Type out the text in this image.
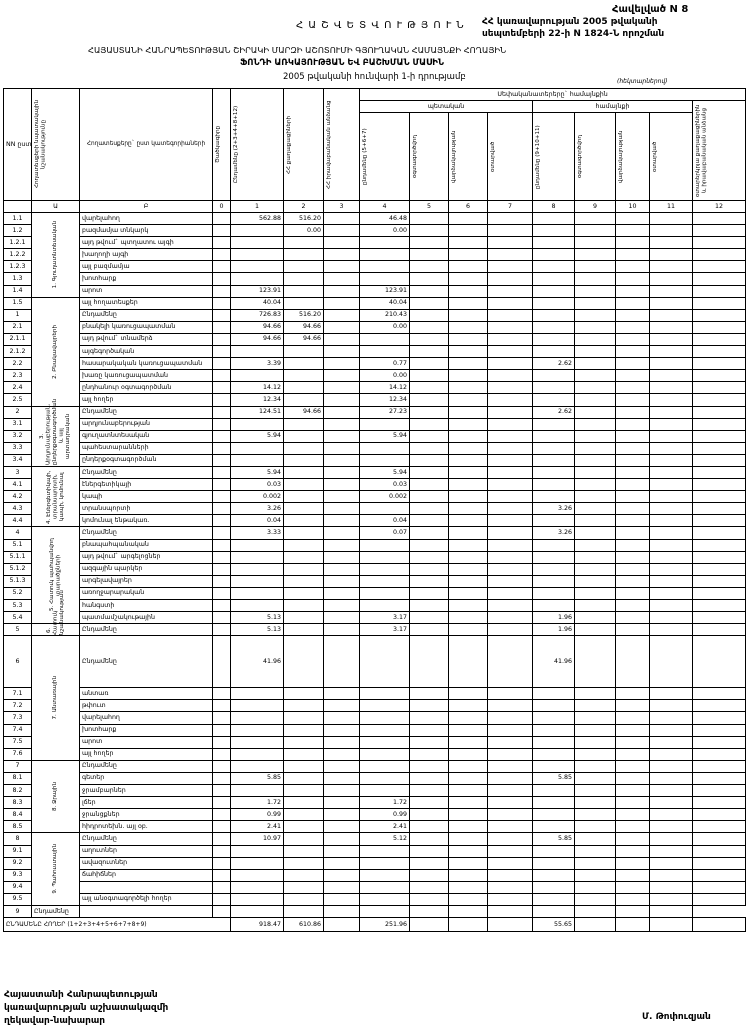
Հավելված N 8
ՀՀ կառավարության 2005 թվականի
սեպտեմբերի 22-ի N 1824-Ն որոշման
Հ Ա Շ Վ Ե Տ Վ Ո Ւ Թ Յ Ո Ւ Ն
ՀԱՅԱՍՏԱՆԻ ՀԱՆՐԱՊԵՏՈՒԹՅԱՆ ՇԻՐԱԿԻ ՄԱՐԶԻ ԱՇՈՏՈՒՄԻ ԳՅՈՒՂԱԿԱՆ ՀԱՄԱՅՆՔԻ ՀՈՂԱՅԻՆ
ՖՈՆԴԻ ԱՌԿԱՅՈՒԹՅԱՆ ԵՎ ԲԱՇԽՄԱՆ ՄԱՍԻՆ
2005 թվականի հունվարի 1-ի դրությամբ	(հեկտարներով)
NN ըստ	Հողատեսքերի նպատակային նշանակությունը	Հողատեսքերը` ըստ կատեգորիաների	Ծածկագիրը	Ընդամենը (2+3+4+8+12)	ՀՀ քաղաքացիների	ՀՀ իրավաբանական անձանց	Սեփականատերերը` համայնքին								
							պետական				համայնքի				օտարերկրյա քաղաքացիներին և իրավաբանական անձանց

							ընդամենը (5+6+7)	օգտագործվող	վարձակալության	օտարված	ընդամենը (9+10+11)	օգտագործվող	վարձակալության	օտարված	

	Ա	Բ	0	1	2	3	4	5	6	7	8	9	10	11	12
1.1	1. Գյուղատնտեսական	վարելահող		562.88	516.20		46.48								
1.2		բազմամյա տնկարկ			0.00		0.00								
1.2.1		այդ թվում` պտղատու այգի													
1.2.2		խաղողի այգի													
1.2.3		այլ բազմամյա													
1.3		խոտհարք													
1.4		արոտ		123.91			123.91								
1.5	2. Բնակավայրերի	այլ հողատեսքեր		40.04			40.04								
1		Ընդամենը		726.83	516.20		210.43								
2.1		բնակելի կառուցապատման		94.66	94.66		0.00								
2.1.1		այդ թվում` տնամերձ		94.66	94.66										
2.1.2		այգեգործական													
2.2		հասարակական կառուցապատման		3.39			0.77				2.62				
2.3		խառը կառուցապատման					0.00								
2.4		ընդհանուր օգտագործման		14.12			14.12								
2.5		այլ հողեր		12.34			12.34								
2	3. Արդյունաբերության, ընդերքօգտագործման և այլ արտադրական	Ընդամենը		124.51	94.66		27.23				2.62				
3.1		արդյունաբերության													
3.2		գյուղատնտեսական		5.94			5.94								
3.3		պահեստարանների													
3.4		ընդերքօգտագործման													
3	4. Էներգետիկայի, տրանսպորտի, կապի, կոմունալ	Ընդամենը		5.94			5.94								
4.1		էներգետիկայի		0.03			0.03								
4.2		կապի		0.002			0.002								
4.3		տրանսպորտի		3.26							3.26				
4.4		կոմունալ ենթակառ.		0.04			0.04								
4	5. Հատուկ պահպանվող տարածքների	Ընդամենը		3.33			0.07				3.26				
5.1		բնապահպանական													
5.1.1		այդ թվում` արգելոցներ													
5.1.2		ազգային պարկեր													
5.1.3		արգելավայրեր													
5.2		առողջարարական													
5.3		հանգստի													
5.4		պատմամշակութային		5.13			3.17				1.96				
5	6. Հատուկ նշանակության	Ընդամենը		5.13			3.17				1.96				
6	7. Անտառային	Ընդամենը		41.96							41.96				
7.1		անտառ													
7.2		թփուտ													
7.3		վարելահող													
7.4		խոտհարք													
7.5		արոտ													
7.6		այլ հողեր													
7	8. Ջրային	Ընդամենը													
8.1		գետեր		5.85							5.85				
8.2		ջրամբարներ													
8.3		լճեր		1.72			1.72								
8.4		ջրանցքներ		0.99			0.99								
8.5		հիդրոտեխն. այլ օբ.		2.41			2.41								
8	9. Պահուստային	Ընդամենը		10.97			5.12				5.85				
9.1		աղուտներ													
9.2		ավազուտներ													
9.3		ճահիճներ													
9.4															
9.5		այլ անօգտագործելի հողեր													
9	Ընդամենը														
ԸՆԴԱՄԵՆԸ ՀՈՂԵՐ (1+2+3+4+5+6+7+8+9)				918.47	610.86		251.96				55.65				
Հայաստանի Հանրապետության
կառավարության աշխատակազմի
ղեկավար-նախարար	Մ. Թոփուզյան
